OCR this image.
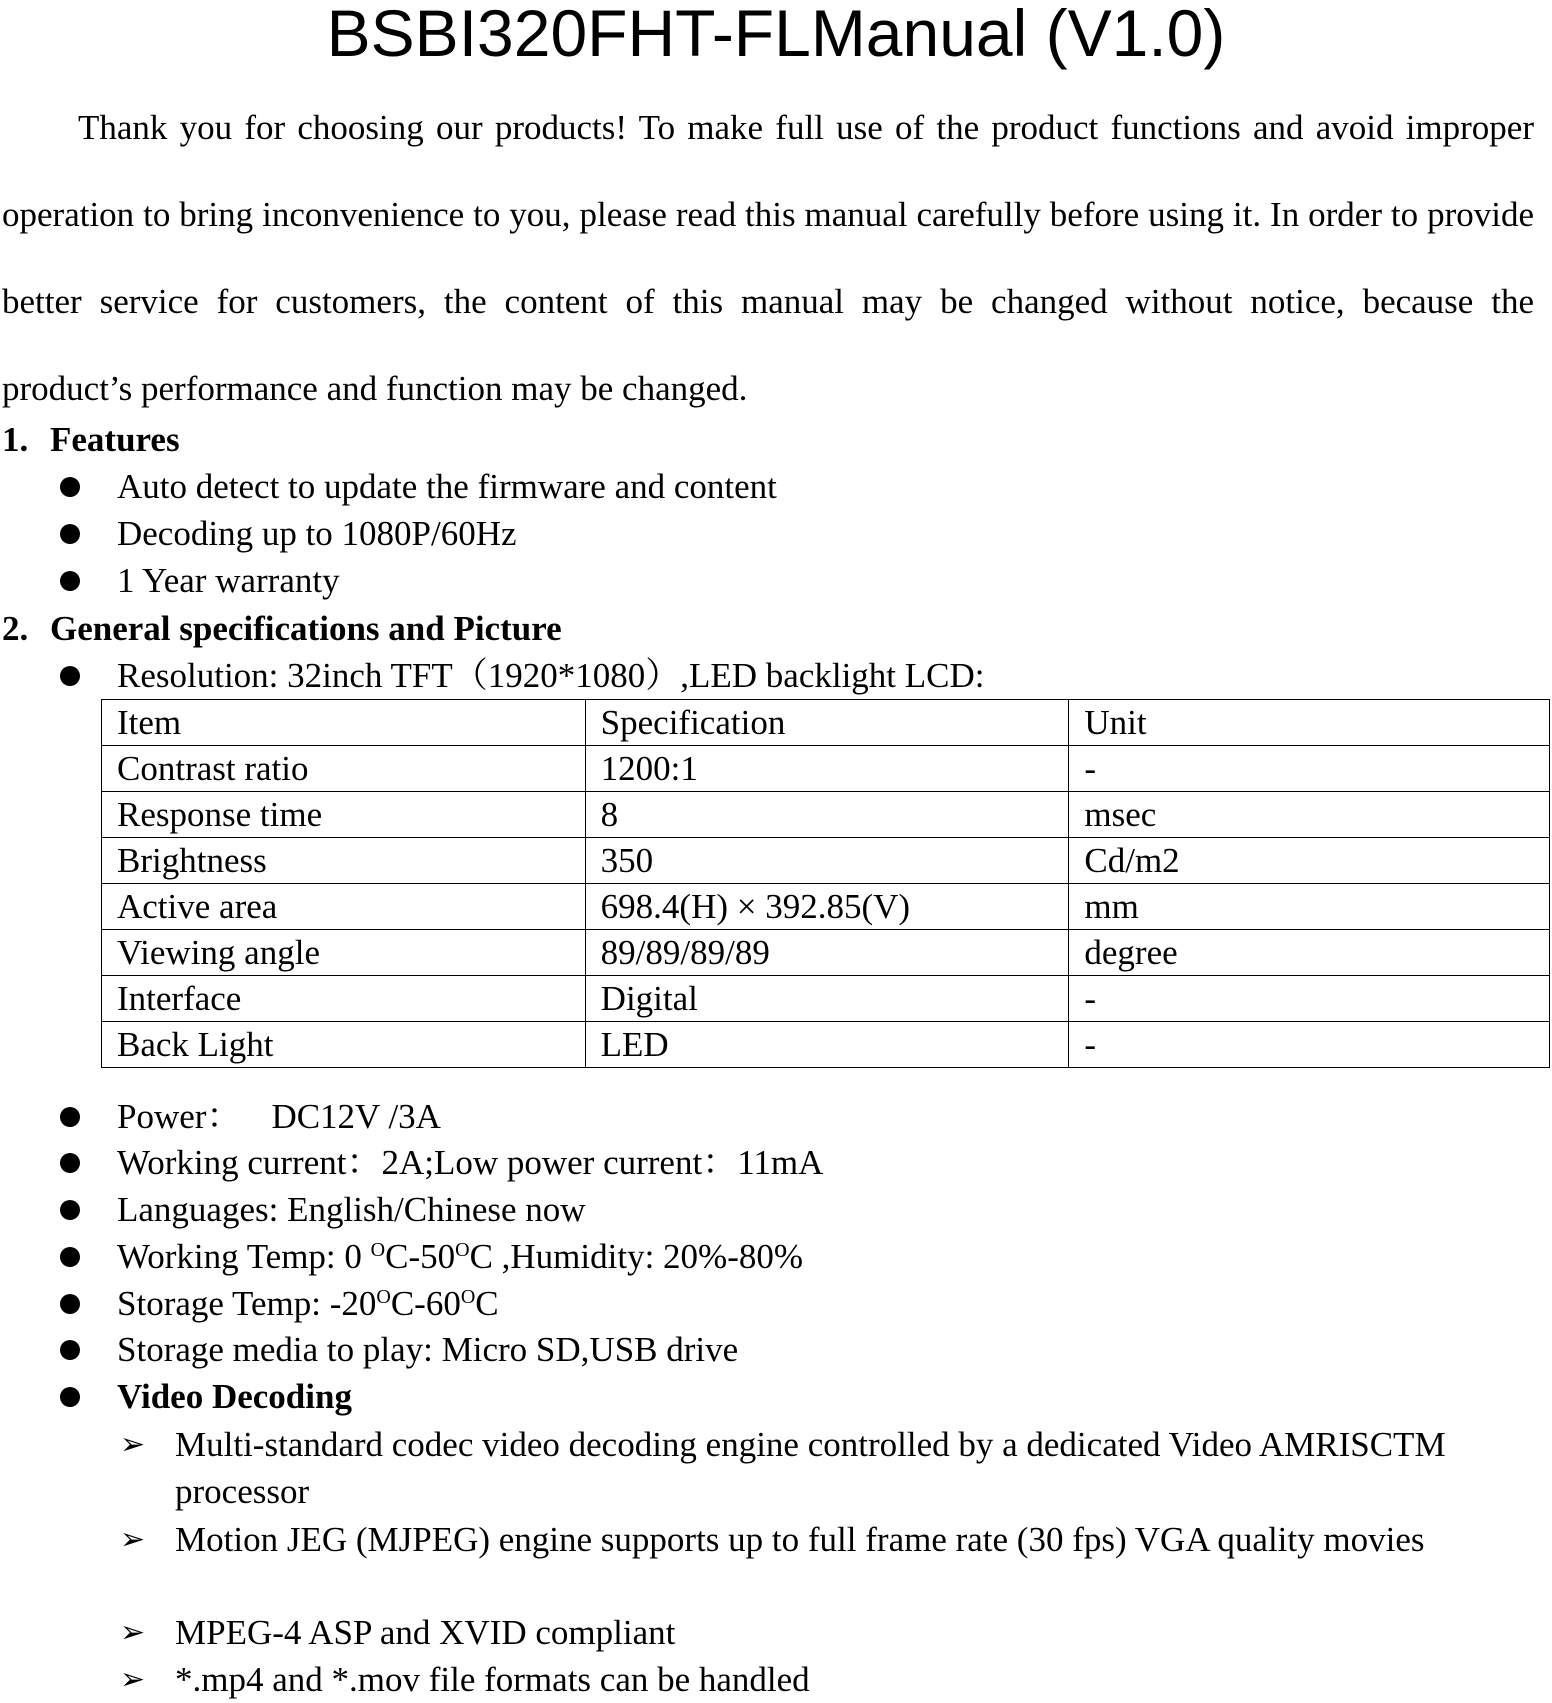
BSBI320FHT-FLManual (V1.0)

Thank you for choosing our products! To make full use of the product functions and avoid improper operation to bring inconvenience to you, please read this manual carefully before using it. In order to provide better service for customers, the content of this manual may be changed without notice, because the product’s performance and function may be changed.

1. Features
Auto detect to update the firmware and content
Decoding up to 1080P/60Hz
1 Year warranty
2. General specifications and Picture
Resolution: 32inch TFT（1920*1080）,LED backlight LCD:
Item	Specification	Unit
Contrast ratio	1200:1	-
Response time	8	msec
Brightness	350	Cd/m2
Active area	698.4(H) × 392.85(V)	mm
Viewing angle	89/89/89/89	degree
Interface	Digital	-
Back Light	LED	-
Power： DC12V /3A
Working current：2A;Low power current：11mA
Languages: English/Chinese now
Working Temp: 0 $^OC-50^OC$ ,Humidity: 20%-80%
Storage Temp: $-20^OC-60^OC$
Storage media to play: Micro SD,USB drive
Video Decoding
➢ Multi-standard codec video decoding engine controlled by a dedicated Video AMRISCTM processor
➢ Motion JEG (MJPEG) engine supports up to full frame rate (30 fps) VGA quality movies
➢ MPEG-4 ASP and XVID compliant
➢ *.mp4 and *.mov file formats can be handled
